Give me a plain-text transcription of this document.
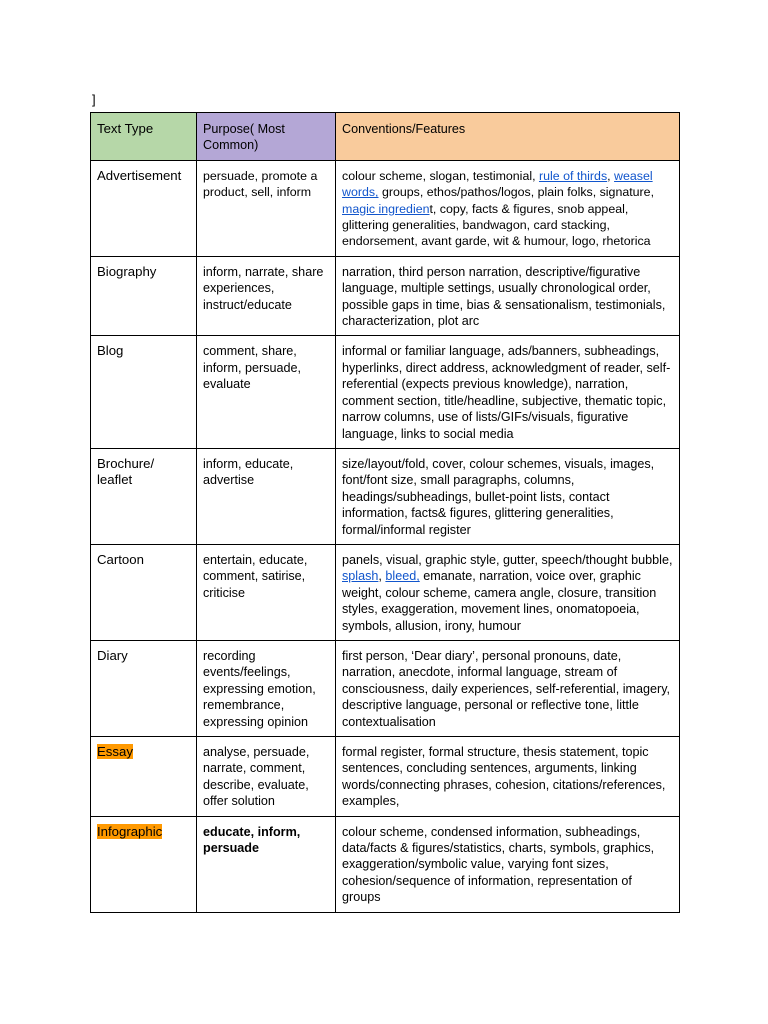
]
Text Type	Purpose( Most Common)	Conventions/Features
Advertisement	persuade, promote a product, sell, inform	colour scheme, slogan, testimonial, rule of thirds, weasel words, groups, ethos/pathos/logos, plain folks, signature, magic ingredient, copy, facts & figures, snob appeal, glittering generalities, bandwagon, card stacking, endorsement, avant garde, wit & humour, logo, rhetorica
Biography	inform, narrate, share experiences, instruct/educate	narration, third person narration, descriptive/figurative language, multiple settings, usually chronological order, possible gaps in time, bias & sensationalism, testimonials, characterization, plot arc
Blog	comment, share, inform, persuade, evaluate	informal or familiar language, ads/banners, subheadings, hyperlinks, direct address, acknowledgment of reader, self-referential (expects previous knowledge), narration, comment section, title/headline, subjective, thematic topic, narrow columns, use of lists/GIFs/visuals, figurative language, links to social media
Brochure/ leaflet	inform, educate, advertise	size/layout/fold, cover, colour schemes, visuals, images, font/font size, small paragraphs, columns, headings/subheadings, bullet-point lists, contact information, facts& figures, glittering generalities, formal/informal register
Cartoon	entertain, educate, comment, satirise, criticise	panels, visual, graphic style, gutter, speech/thought bubble, splash, bleed, emanate, narration, voice over, graphic weight, colour scheme, camera angle, closure, transition styles, exaggeration, movement lines, onomatopoeia, symbols, allusion, irony, humour
Diary	recording events/feelings, expressing emotion, remembrance, expressing opinion	first person, ‘Dear diary’, personal pronouns, date, narration, anecdote, informal language, stream of consciousness, daily experiences, self-referential, imagery, descriptive language, personal or reflective tone, little contextualisation
Essay	analyse, persuade, narrate, comment, describe, evaluate, offer solution	formal register, formal structure, thesis statement, topic sentences, concluding sentences, arguments, linking words/connecting phrases, cohesion, citations/references, examples,
Infographic	educate, inform, persuade	colour scheme, condensed information, subheadings, data/facts & figures/statistics, charts, symbols, graphics, exaggeration/symbolic value, varying font sizes, cohesion/sequence of information, representation of groups
